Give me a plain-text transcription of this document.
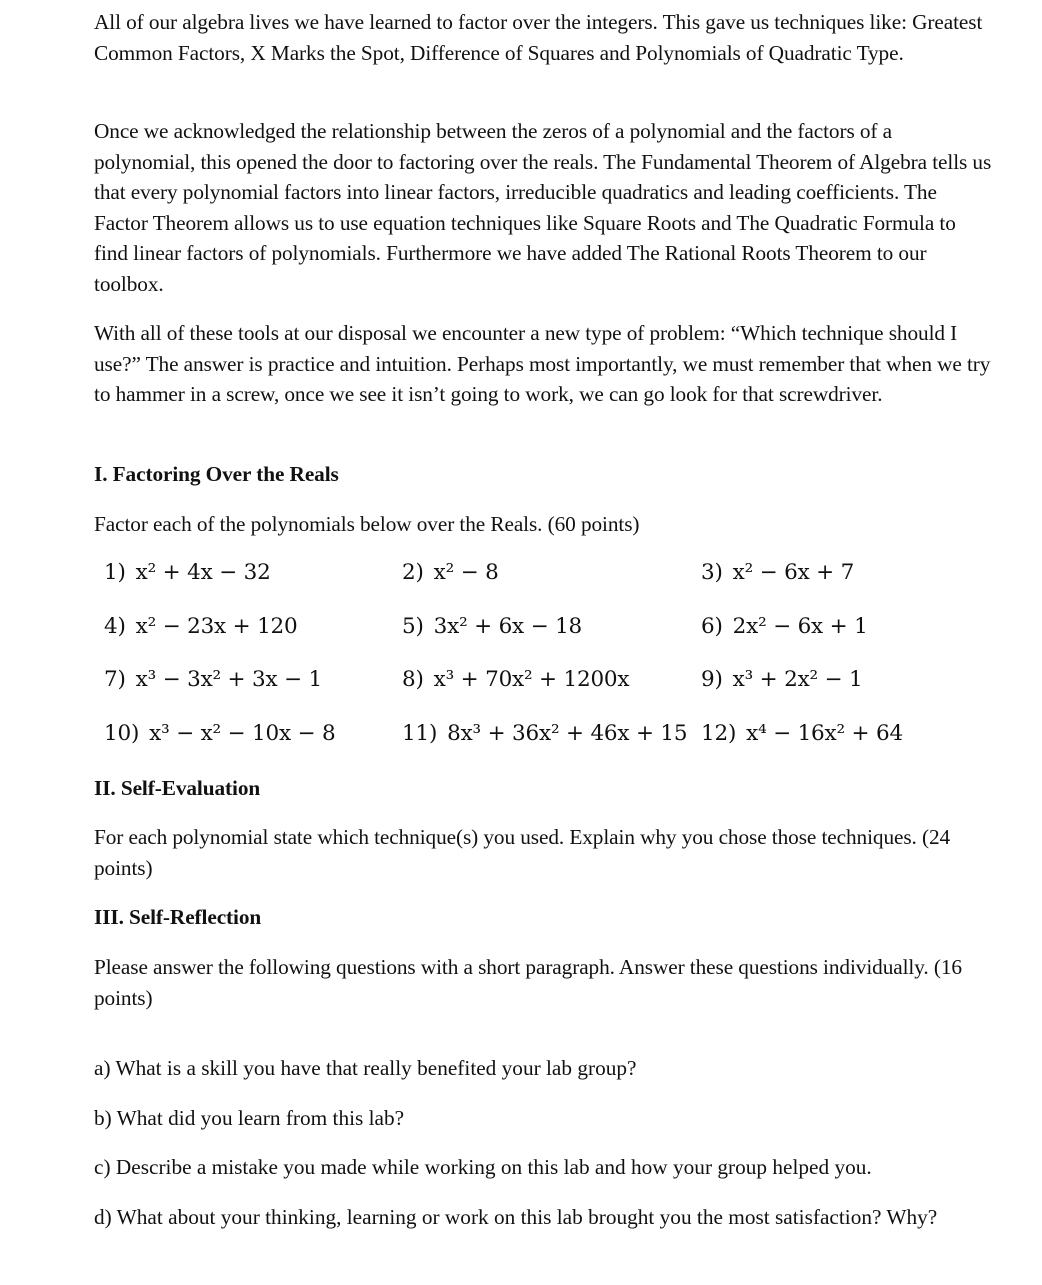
All of our algebra lives we have learned to factor over the integers. This gave us techniques like: Greatest Common Factors, X Marks the Spot, Difference of Squares and Polynomials of Quadratic Type.

Once we acknowledged the relationship between the zeros of a polynomial and the factors of a polynomial, this opened the door to factoring over the reals. The Fundamental Theorem of Algebra tells us that every polynomial factors into linear factors, irreducible quadratics and leading coefficients. The Factor Theorem allows us to use equation techniques like Square Roots and The Quadratic Formula to find linear factors of polynomials. Furthermore we have added The Rational Roots Theorem to our toolbox.

With all of these tools at our disposal we encounter a new type of problem: “Which technique should I use?” The answer is practice and intuition. Perhaps most importantly, we must remember that when we try to hammer in a screw, once we see it isn’t going to work, we can go look for that screwdriver.

I. Factoring Over the Reals

Factor each of the polynomials below over the Reals. (60 points)

1) x² + 4x − 32	2) x² − 8	3) x² − 6x + 7
4) x² − 23x + 120	5) 3x² + 6x − 18	6) 2x² − 6x + 1
7) x³ − 3x² + 3x − 1	8) x³ + 70x² + 1200x	9) x³ + 2x² − 1
10) x³ − x² − 10x − 8	11) 8x³ + 36x² + 46x + 15 12) x⁴ − 16x² + 64

II. Self-Evaluation

For each polynomial state which technique(s) you used. Explain why you chose those techniques. (24 points)

III. Self-Reflection

Please answer the following questions with a short paragraph. Answer these questions individually. (16 points)

a) What is a skill you have that really benefited your lab group?

b) What did you learn from this lab?

c) Describe a mistake you made while working on this lab and how your group helped you.

d) What about your thinking, learning or work on this lab brought you the most satisfaction? Why?
